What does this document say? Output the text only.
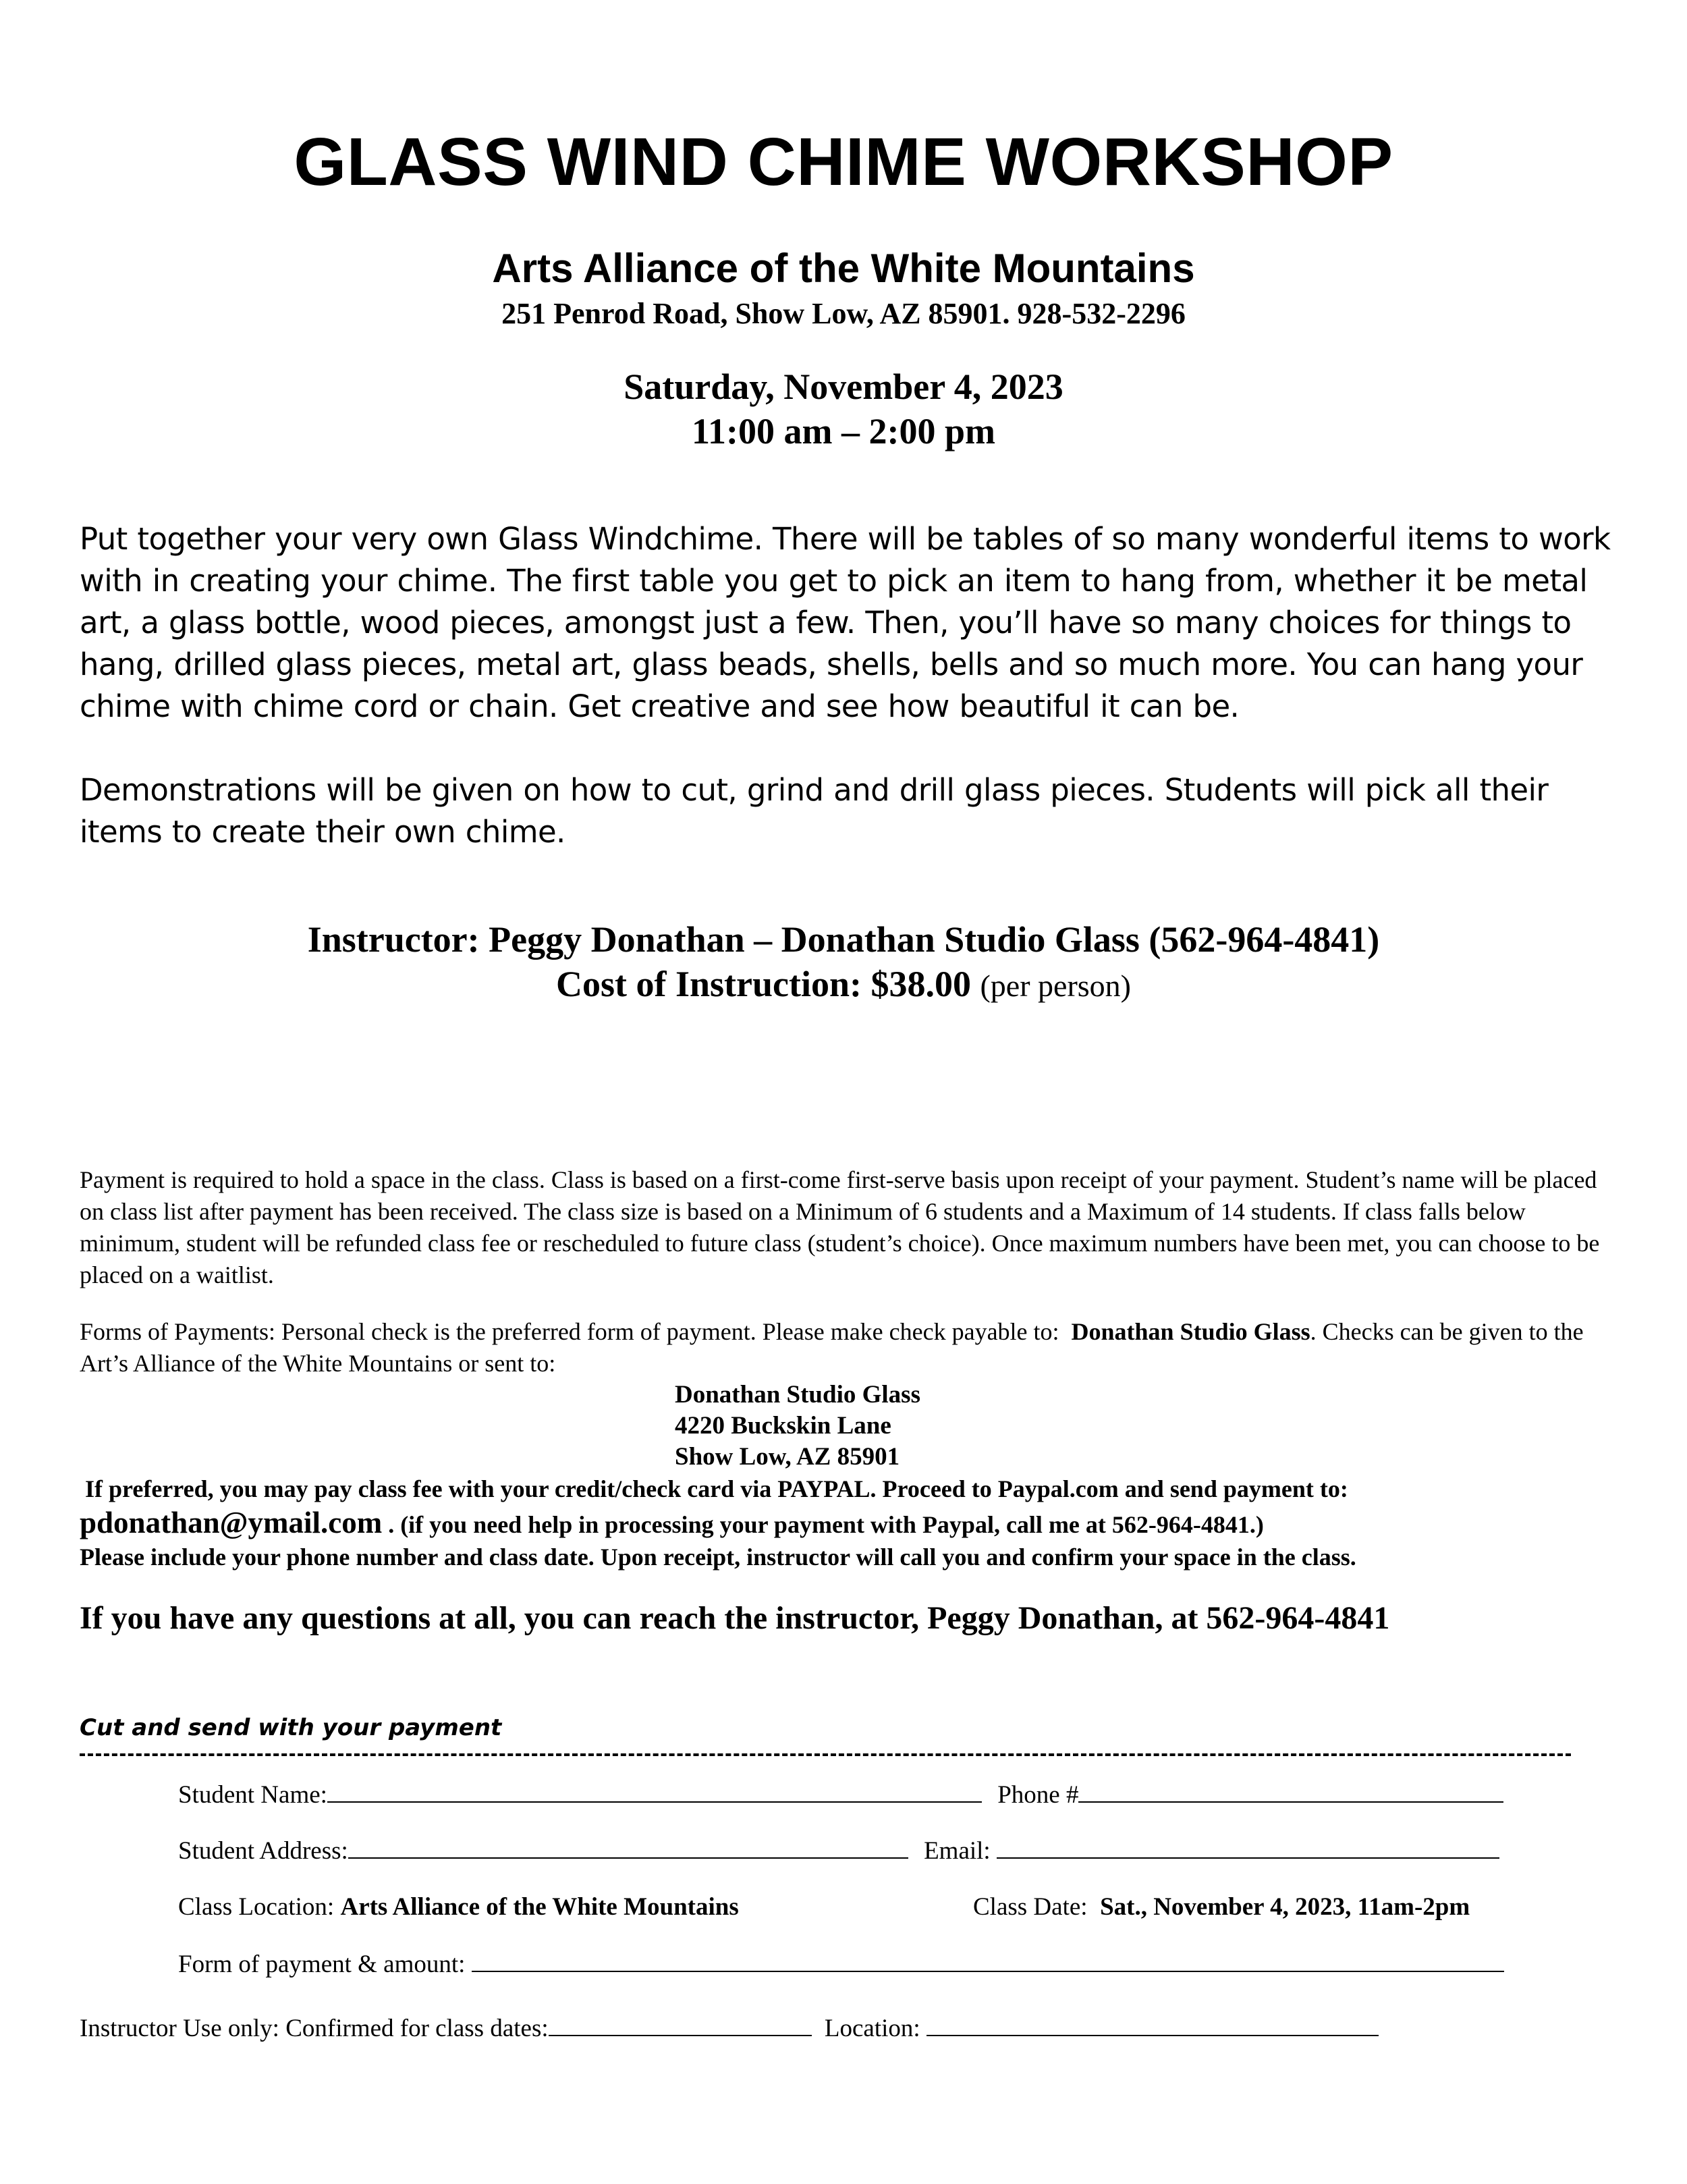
GLASS WIND CHIME WORKSHOP
Arts Alliance of the White Mountains
251 Penrod Road, Show Low, AZ 85901. 928-532-2296
Saturday, November 4, 2023
11:00 am – 2:00 pm

Put together your very own Glass Windchime. There will be tables of so many wonderful items to work with in creating your chime. The first table you get to pick an item to hang from, whether it be metal art, a glass bottle, wood pieces, amongst just a few. Then, you’ll have so many choices for things to hang, drilled glass pieces, metal art, glass beads, shells, bells and so much more. You can hang your chime with chime cord or chain. Get creative and see how beautiful it can be.

Demonstrations will be given on how to cut, grind and drill glass pieces. Students will pick all their items to create their own chime.

Instructor: Peggy Donathan – Donathan Studio Glass (562-964-4841)
Cost of Instruction: $38.00 (per person)

Payment is required to hold a space in the class. Class is based on a first-come first-serve basis upon receipt of your payment. Student’s name will be placed on class list after payment has been received. The class size is based on a Minimum of 6 students and a Maximum of 14 students. If class falls below minimum, student will be refunded class fee or rescheduled to future class (student’s choice). Once maximum numbers have been met, you can choose to be placed on a waitlist.

Forms of Payments: Personal check is the preferred form of payment. Please make check payable to: Donathan Studio Glass. Checks can be given to the Art’s Alliance of the White Mountains or sent to:

Donathan Studio Glass
4220 Buckskin Lane
Show Low, AZ 85901
If preferred, you may pay class fee with your credit/check card via PAYPAL. Proceed to Paypal.com and send payment to:
pdonathan@ymail.com . (if you need help in processing your payment with Paypal, call me at 562-964-4841.)
Please include your phone number and class date. Upon receipt, instructor will call you and confirm your space in the class.
If you have any questions at all, you can reach the instructor, Peggy Donathan, at 562-964-4841
Cut and send with your payment
Student Name:	Phone #
Student Address:	Email:
Class Location: Arts Alliance of the White Mountains	Class Date: Sat., November 4, 2023, 11am-2pm
Form of payment & amount:
Instructor Use only: Confirmed for class dates:	Location:
